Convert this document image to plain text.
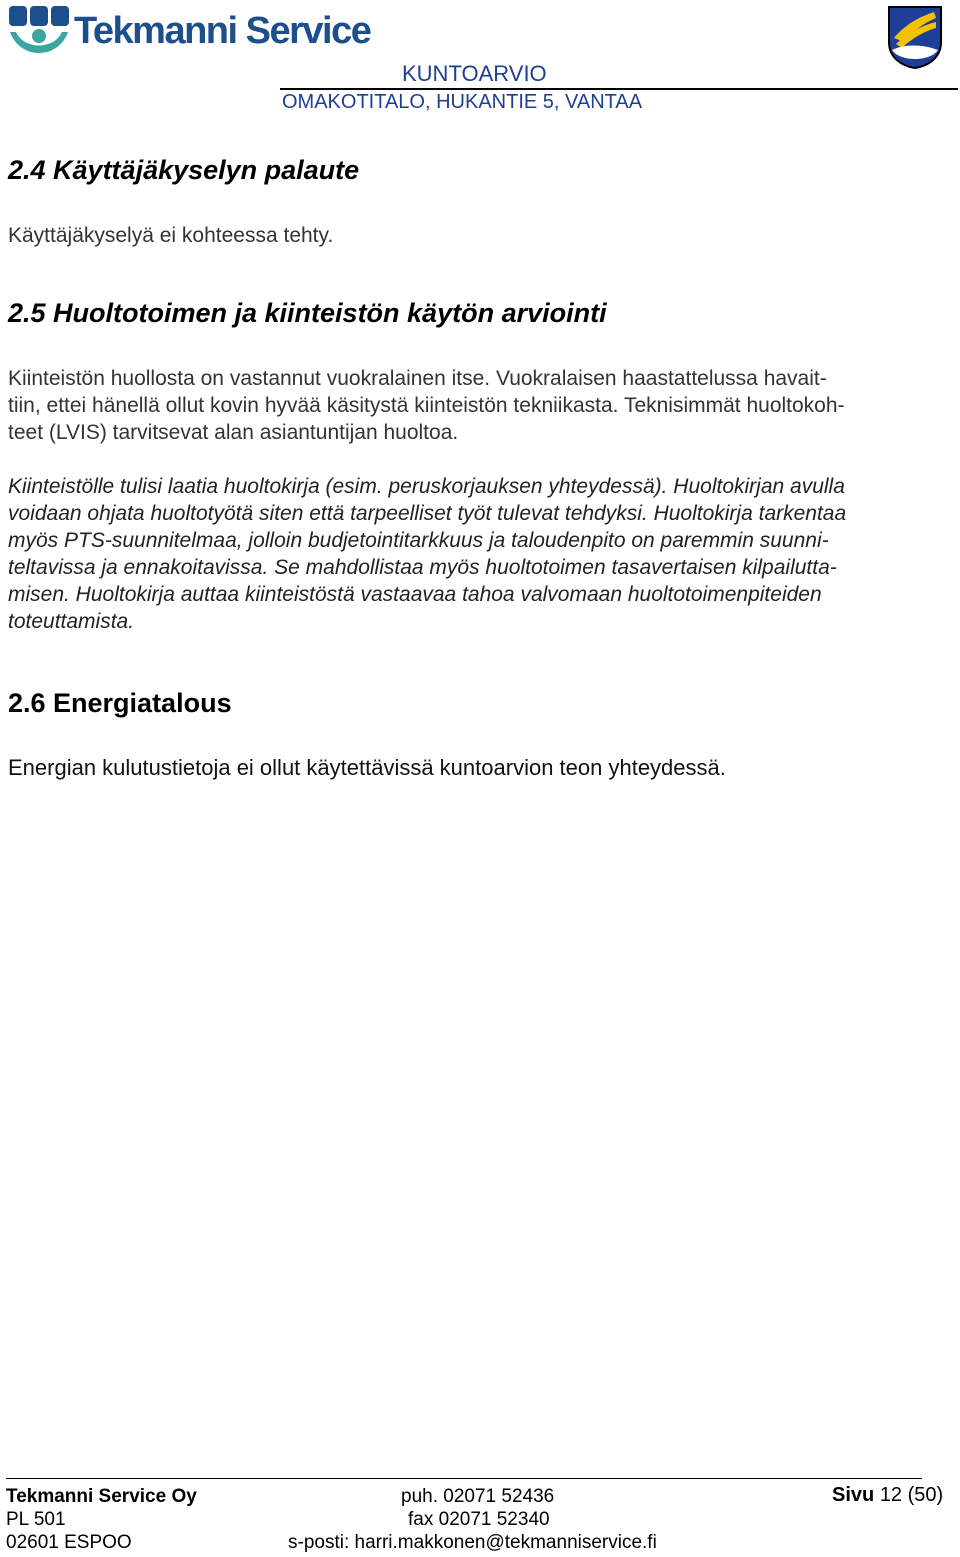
Tekmanni Service
KUNTOARVIO
OMAKOTITALO, HUKANTIE 5, VANTAA
2.4 Käyttäjäkyselyn palaute

Käyttäjäkyselyä ei kohteessa tehty.

2.5 Huoltotoimen ja kiinteistön käytön arviointi

Kiinteistön huollosta on vastannut vuokralainen itse. Vuokralaisen haastattelussa havait-
tiin, ettei hänellä ollut kovin hyvää käsitystä kiinteistön tekniikasta. Teknisimmät huoltokoh-
teet (LVIS) tarvitsevat alan asiantuntijan huoltoa.

Kiinteistölle tulisi laatia huoltokirja (esim. peruskorjauksen yhteydessä). Huoltokirjan avulla
voidaan ohjata huoltotyötä siten että tarpeelliset työt tulevat tehdyksi. Huoltokirja tarkentaa
myös PTS-suunnitelmaa, jolloin budjetointitarkkuus ja taloudenpito on paremmin suunni-
teltavissa ja ennakoitavissa. Se mahdollistaa myös huoltotoimen tasavertaisen kilpailutta-
misen. Huoltokirja auttaa kiinteistöstä vastaavaa tahoa valvomaan huoltotoimenpiteiden
toteuttamista.

2.6 Energiatalous

Energian kulutustietoja ei ollut käytettävissä kuntoarvion teon yhteydessä.

Tekmanni Service Oy
PL 501
02601 ESPOO
puh. 02071 52436
fax 02071 52340
s-posti: harri.makkonen@tekmanniservice.fi
Sivu 12 (50)
